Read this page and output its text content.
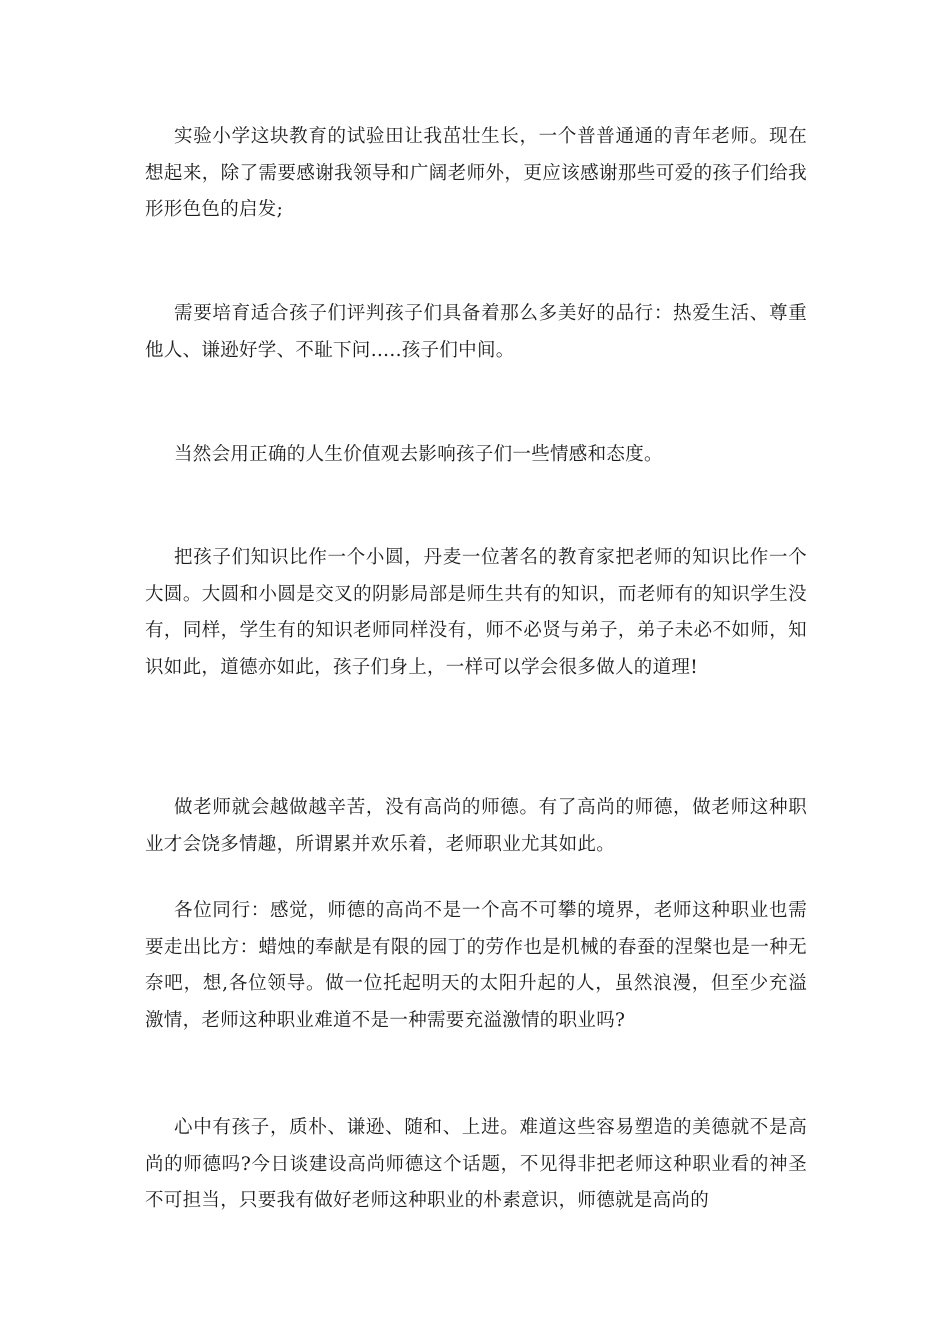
实验小学这块教育的试验田让我茁壮生长，一个普普通通的青年老师。现在想起来，除了需要感谢我领导和广阔老师外，更应该感谢那些可爱的孩子们给我形形色色的启发;

需要培育适合孩子们评判孩子们具备着那么多美好的品行：热爱生活、尊重他人、谦逊好学、不耻下问…..孩子们中间。

当然会用正确的人生价值观去影响孩子们一些情感和态度。

把孩子们知识比作一个小圆，丹麦一位著名的教育家把老师的知识比作一个大圆。大圆和小圆是交叉的阴影局部是师生共有的知识，而老师有的知识学生没有，同样，学生有的知识老师同样没有，师不必贤与弟子，弟子未必不如师，知识如此，道德亦如此，孩子们身上，一样可以学会很多做人的道理!

做老师就会越做越辛苦，没有高尚的师德。有了高尚的师德，做老师这种职业才会饶多情趣，所谓累并欢乐着，老师职业尤其如此。

各位同行：感觉，师德的高尚不是一个高不可攀的境界，老师这种职业也需要走出比方：蜡烛的奉献是有限的园丁的劳作也是机械的春蚕的涅槃也是一种无奈吧，想,各位领导。做一位托起明天的太阳升起的人，虽然浪漫，但至少充溢激情，老师这种职业难道不是一种需要充溢激情的职业吗?

心中有孩子，质朴、谦逊、随和、上进。难道这些容易塑造的美德就不是高尚的师德吗?今日谈建设高尚师德这个话题，不见得非把老师这种职业看的神圣不可担当，只要我有做好老师这种职业的朴素意识，师德就是高尚的
